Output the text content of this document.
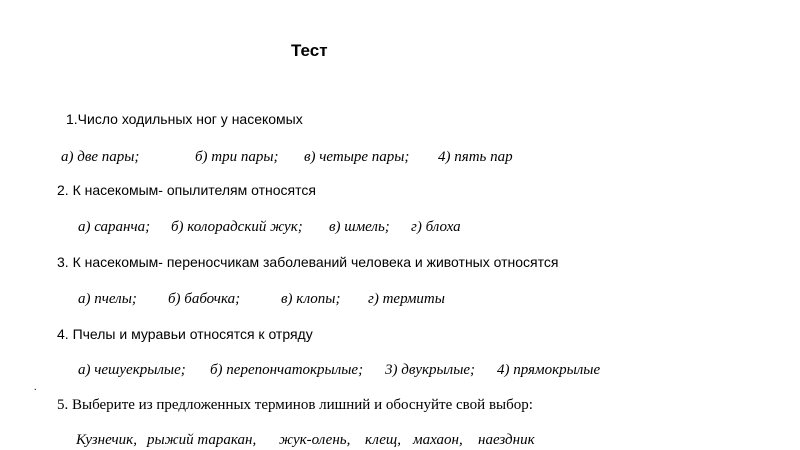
Тест
1.Число ходильных ног у насекомых
а) две пары;	б) три пары; в) четыре пары; 4) пять пар
2. К насекомым- опылителям относятся
а) саранча; б) колорадский жук; в) шмель; г) блоха
3. К насекомым- переносчикам заболеваний человека и животных относятся
а) пчелы; б) бабочка;	в) клопы; г) термиты
4. Пчелы и муравьи относятся к отряду
а) чешуекрылые; б) перепончатокрылые; 3) двукрылые; 4) прямокрылые
.
5. Выберите из предложенных терминов лишний и обоснуйте свой выбор:
Кузнечик, рыжий таракан, жук-олень, клещ, махаон, наездник
